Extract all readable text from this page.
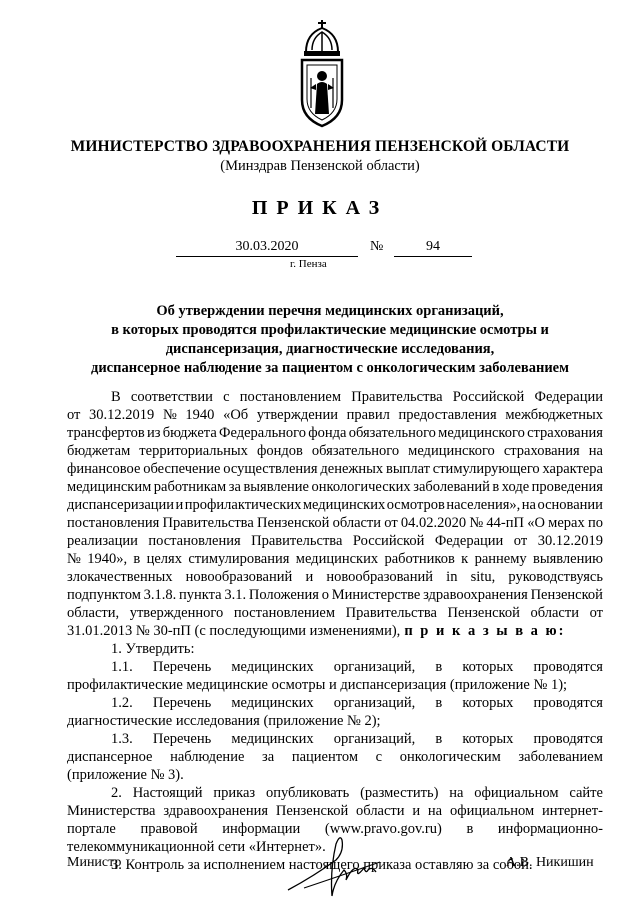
МИНИСТЕРСТВО ЗДРАВООХРАНЕНИЯ ПЕНЗЕНСКОЙ ОБЛАСТИ
(Минздрав Пензенской области)
ПРИКАЗ
30.03.2020	№	94
г. Пенза
Об утверждении перечня медицинских организаций,
в которых проводятся профилактические медицинские осмотры и
диспансеризация, диагностические исследования,
диспансерное наблюдение за пациентом с онкологическим заболеванием
В соответствии с постановлением Правительства Российской Федерации
от 30.12.2019 № 1940 «Об утверждении правил предоставления межбюджетных
трансфертов из бюджета Федерального фонда обязательного медицинского страхования
бюджетам территориальных фондов обязательного медицинского страхования на
финансовое обеспечение осуществления денежных выплат стимулирующего характера
медицинским работникам за выявление онкологических заболеваний в ходе проведения
диспансеризации и профилактических медицинских осмотров населения», на основании
постановления Правительства Пензенской области от 04.02.2020 № 44-пП «О мерах по
реализации постановления Правительства Российской Федерации от 30.12.2019
№ 1940», в целях стимулирования медицинских работников к раннему выявлению
злокачественных новообразований и новообразований in situ, руководствуясь
подпунктом 3.1.8. пункта 3.1. Положения о Министерстве здравоохранения Пензенской
области, утвержденного постановлением Правительства Пензенской области от
31.01.2013 № 30-пП (с последующими изменениями), п р и к а з ы в а ю:
1. Утвердить:
1.1. Перечень медицинских организаций, в которых проводятся
профилактические медицинские осмотры и диспансеризация (приложение № 1);
1.2. Перечень медицинских организаций, в которых проводятся
диагностические исследования (приложение № 2);
1.3. Перечень медицинских организаций, в которых проводятся
диспансерное наблюдение за пациентом с онкологическим заболеванием
(приложение № 3).
2. Настоящий приказ опубликовать (разместить) на официальном сайте
Министерства здравоохранения Пензенской области и на официальном интернет-
портале правовой информации (www.pravo.gov.ru) в информационно-
телекоммуникационной сети «Интернет».
3. Контроль за исполнением настоящего приказа оставляю за собой.
Министр	А.В. Никишин
